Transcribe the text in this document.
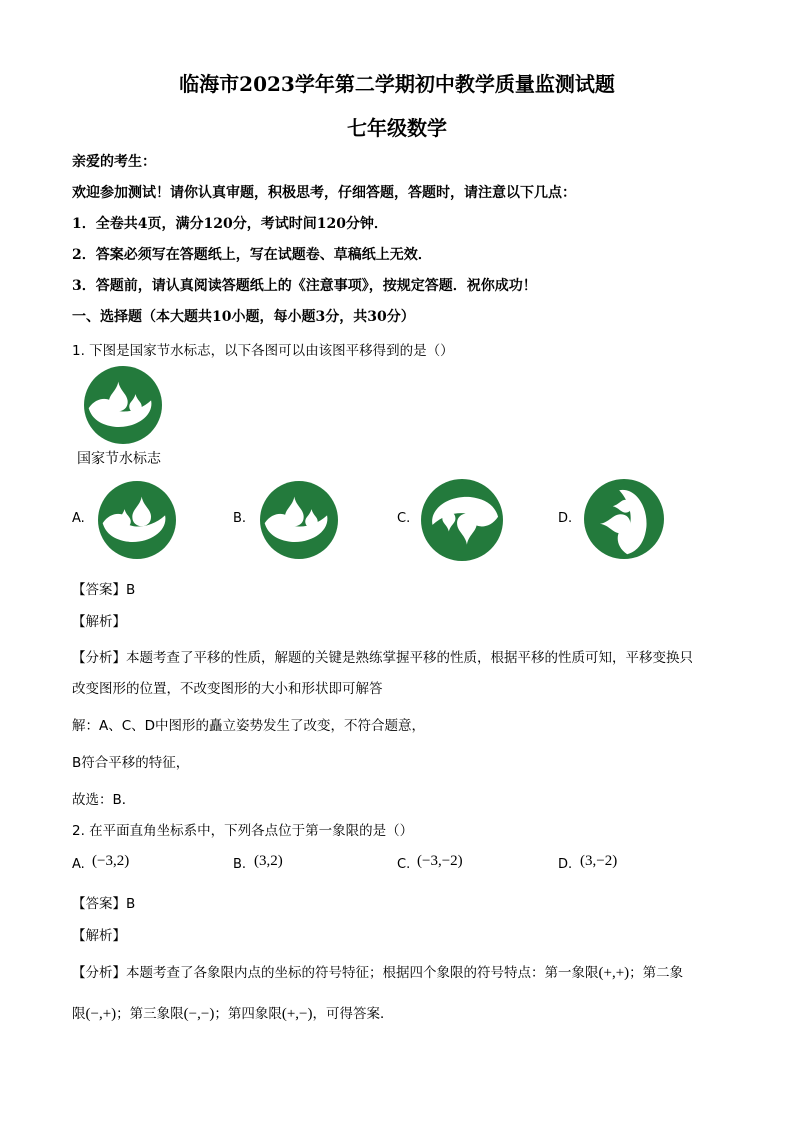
临海市2023学年第二学期初中教学质量监测试题
七年级数学
亲爱的考生：
欢迎参加测试！请你认真审题，积极思考，仔细答题，答题时，请注意以下几点：
1．全卷共4页，满分120分，考试时间120分钟．
2．答案必须写在答题纸上，写在试题卷、草稿纸上无效．
3．答题前，请认真阅读答题纸上的《注意事项》，按规定答题．祝你成功！
一、选择题（本大题共10小题，每小题3分，共30分）
1. 下图是国家节水标志，以下各图可以由该图平移得到的是（）
国家节水标志
A.	B.	C.	D.
【答案】B
【解析】
【分析】本题考查了平移的性质，解题的关键是熟练掌握平移的性质，根据平移的性质可知，平移变换只
改变图形的位置，不改变图形的大小和形状即可解答
解：A、C、D中图形的矗立姿势发生了改变，不符合题意，
B符合平移的特征，
故选：B．
2. 在平面直角坐标系中，下列各点位于第一象限的是（）
A. (−3,2)	B. (3,2)	C. (−3,−2)	D. (3,−2)
【答案】B
【解析】
【分析】本题考查了各象限内点的坐标的符号特征；根据四个象限的符号特点：第一象限(+,+)；第二象
限(−,+)；第三象限(−,−)；第四象限(+,−)，可得答案．
